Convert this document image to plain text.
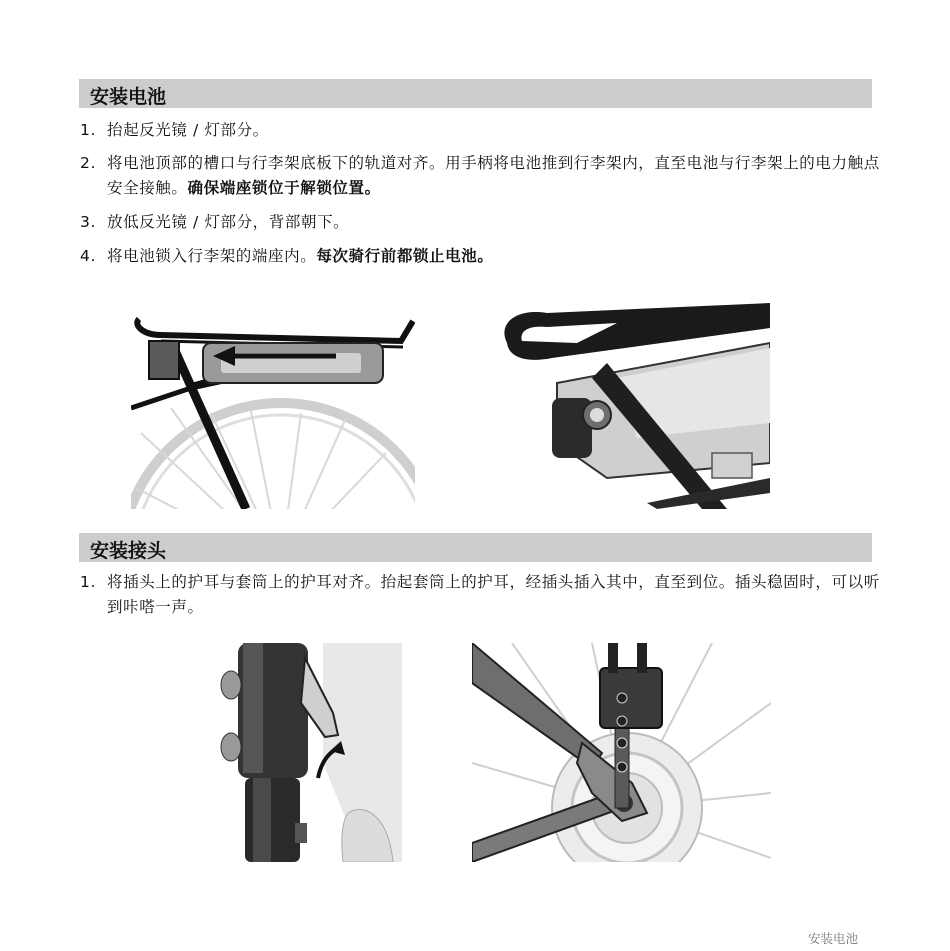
安装电池
1. 抬起反光镜 / 灯部分。
2. 将电池顶部的槽口与行李架底板下的轨道对齐。用手柄将电池推到行李架内，直至电池与行李架上的电力触点安全接触。确保端座锁位于解锁位置。
3. 放低反光镜 / 灯部分，背部朝下。
4. 将电池锁入行李架的端座内。每次骑行前都锁止电池。
安装接头
1. 将插头上的护耳与套筒上的护耳对齐。抬起套筒上的护耳，经插头插入其中，直至到位。插头稳固时，可以听到咔嗒一声。
安装电池
